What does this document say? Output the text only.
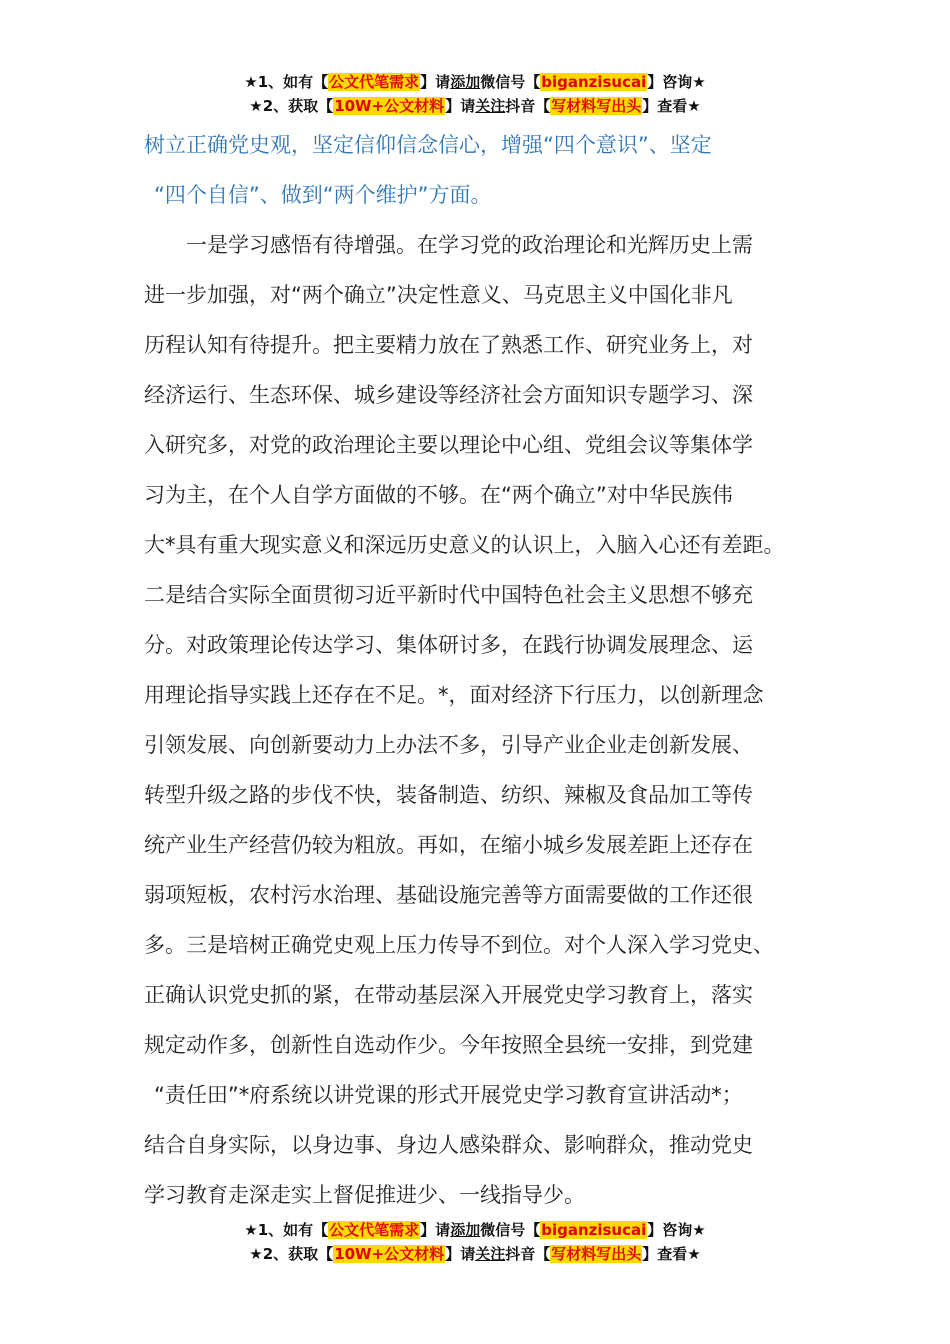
★1、如有【公文代笔需求】请添加微信号【biganzisucai】咨询★
★2、获取【10W+公文材料】请关注抖音【写材料写出头】查看★
树立正确党史观，坚定信仰信念信心，增强“四个意识”、坚定
“四个自信”、做到“两个维护”方面。
一是学习感悟有待增强。在学习党的政治理论和光辉历史上需
进一步加强，对“两个确立”决定性意义、马克思主义中国化非凡
历程认知有待提升。把主要精力放在了熟悉工作、研究业务上，对
经济运行、生态环保、城乡建设等经济社会方面知识专题学习、深
入研究多，对党的政治理论主要以理论中心组、党组会议等集体学
习为主，在个人自学方面做的不够。在“两个确立”对中华民族伟
大*具有重大现实意义和深远历史意义的认识上，入脑入心还有差距。
二是结合实际全面贯彻习近平新时代中国特色社会主义思想不够充
分。对政策理论传达学习、集体研讨多，在践行协调发展理念、运
用理论指导实践上还存在不足。*，面对经济下行压力，以创新理念
引领发展、向创新要动力上办法不多，引导产业企业走创新发展、
转型升级之路的步伐不快，装备制造、纺织、辣椒及食品加工等传
统产业生产经营仍较为粗放。再如，在缩小城乡发展差距上还存在
弱项短板，农村污水治理、基础设施完善等方面需要做的工作还很
多。三是培树正确党史观上压力传导不到位。对个人深入学习党史、
正确认识党史抓的紧，在带动基层深入开展党史学习教育上，落实
规定动作多，创新性自选动作少。今年按照全县统一安排，到党建
“责任田”*府系统以讲党课的形式开展党史学习教育宣讲活动*；
结合自身实际，以身边事、身边人感染群众、影响群众，推动党史
学习教育走深走实上督促推进少、一线指导少。
★1、如有【公文代笔需求】请添加微信号【biganzisucai】咨询★
★2、获取【10W+公文材料】请关注抖音【写材料写出头】查看★
